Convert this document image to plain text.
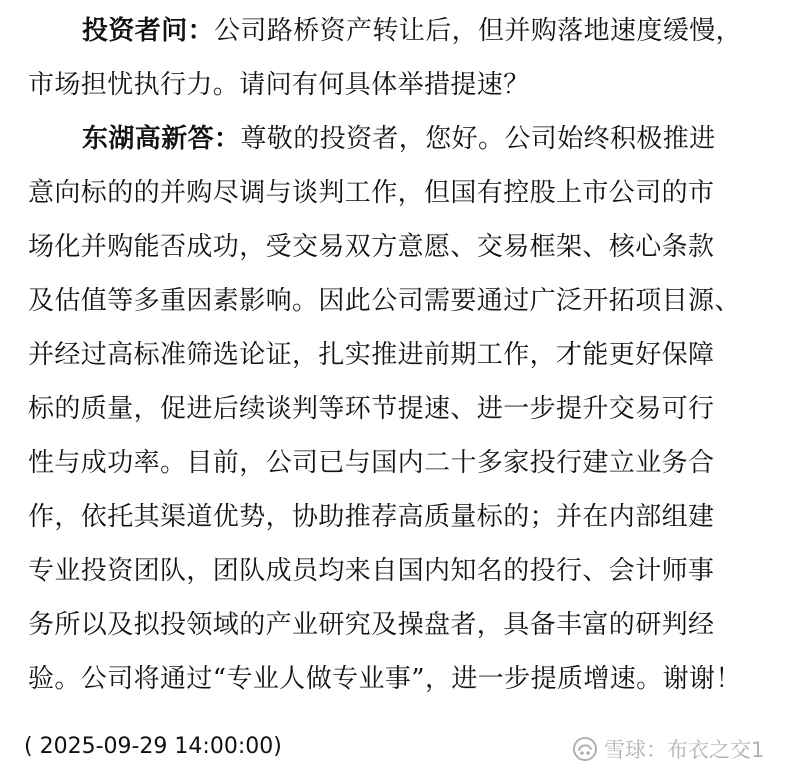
投资者问：公司路桥资产转让后，但并购落地速度缓慢，
市场担忧执行力。请问有何具体举措提速？
东湖高新答：尊敬的投资者，您好。公司始终积极推进
意向标的的并购尽调与谈判工作，但国有控股上市公司的市
场化并购能否成功，受交易双方意愿、交易框架、核心条款
及估值等多重因素影响。因此公司需要通过广泛开拓项目源、
并经过高标准筛选论证，扎实推进前期工作，才能更好保障
标的质量，促进后续谈判等环节提速、进一步提升交易可行
性与成功率。目前，公司已与国内二十多家投行建立业务合
作，依托其渠道优势，协助推荐高质量标的；并在内部组建
专业投资团队，团队成员均来自国内知名的投行、会计师事
务所以及拟投领域的产业研究及操盘者，具备丰富的研判经
验。公司将通过“专业人做专业事”，进一步提质增速。谢谢！
( 2025-09-29 14:00:00)	雪球：布衣之交1
